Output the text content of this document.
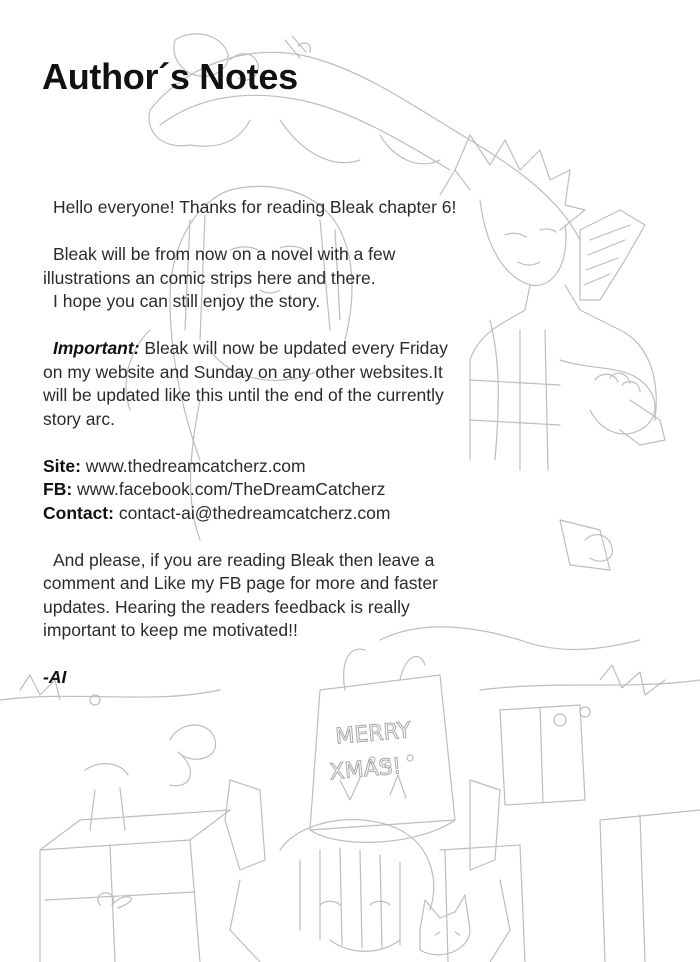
MERRY
XMAS!
Author´s Notes

Hello everyone! Thanks for reading Bleak chapter 6!

Bleak will be from now on a novel with a few
illustrations an comic strips here and there.
I hope you can still enjoy the story.

Important: Bleak will now be updated every Friday
on my website and Sunday on any other websites.It
will be updated like this until the end of the currently
story arc.

Site: www.thedreamcatcherz.com
FB: www.facebook.com/TheDreamCatcherz
Contact: contact-ai@thedreamcatcherz.com

And please, if you are reading Bleak then leave a
comment and Like my FB page for more and faster
updates. Hearing the readers feedback is really
important to keep me motivated!!

-AI
